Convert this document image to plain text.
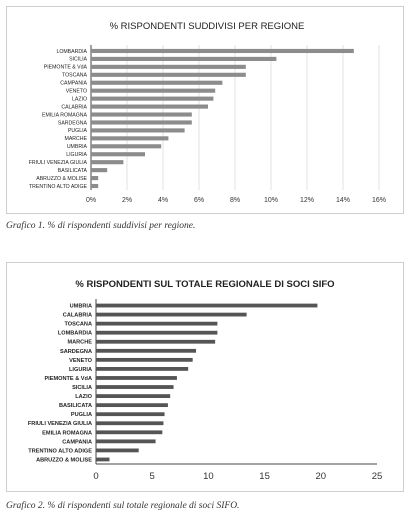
% RISPONDENTI SUDDIVISI PER REGIONE
0%	2%	4%	6%	8%	10%	12%	14%	16%
LOMBARDIA
SICILIA
PIEMONTE & VdA
TOSCANA
CAMPANIA
VENETO
LAZIO
CALABRIA
EMILIA ROMAGNA
SARDEGNA
PUGLIA
MARCHE
UMBRIA
LIGURIA
FRIULI VENEZIA GIULIA
BASILICATA
ABRUZZO & MOLISE
TRENTINO ALTO ADIGE
Grafico 1. % di rispondenti suddivisi per regione.
% RISPONDENTI SUL TOTALE REGIONALE DI SOCI SIFO
0	5	10	15	20	25
UMBRIA
CALABRIA
TOSCANA
LOMBARDIA
MARCHE
SARDEGNA
VENETO
LIGURIA
PIEMONTE & VdA
SICILIA
LAZIO
BASILICATA
PUGLIA
FRIULI VENEZIA GIULIA
EMILIA ROMAGNA
CAMPANIA
TRENTINO ALTO ADIGE
ABRUZZO & MOLISE
Grafico 2. % di rispondenti sul totale regionale di soci SIFO.
